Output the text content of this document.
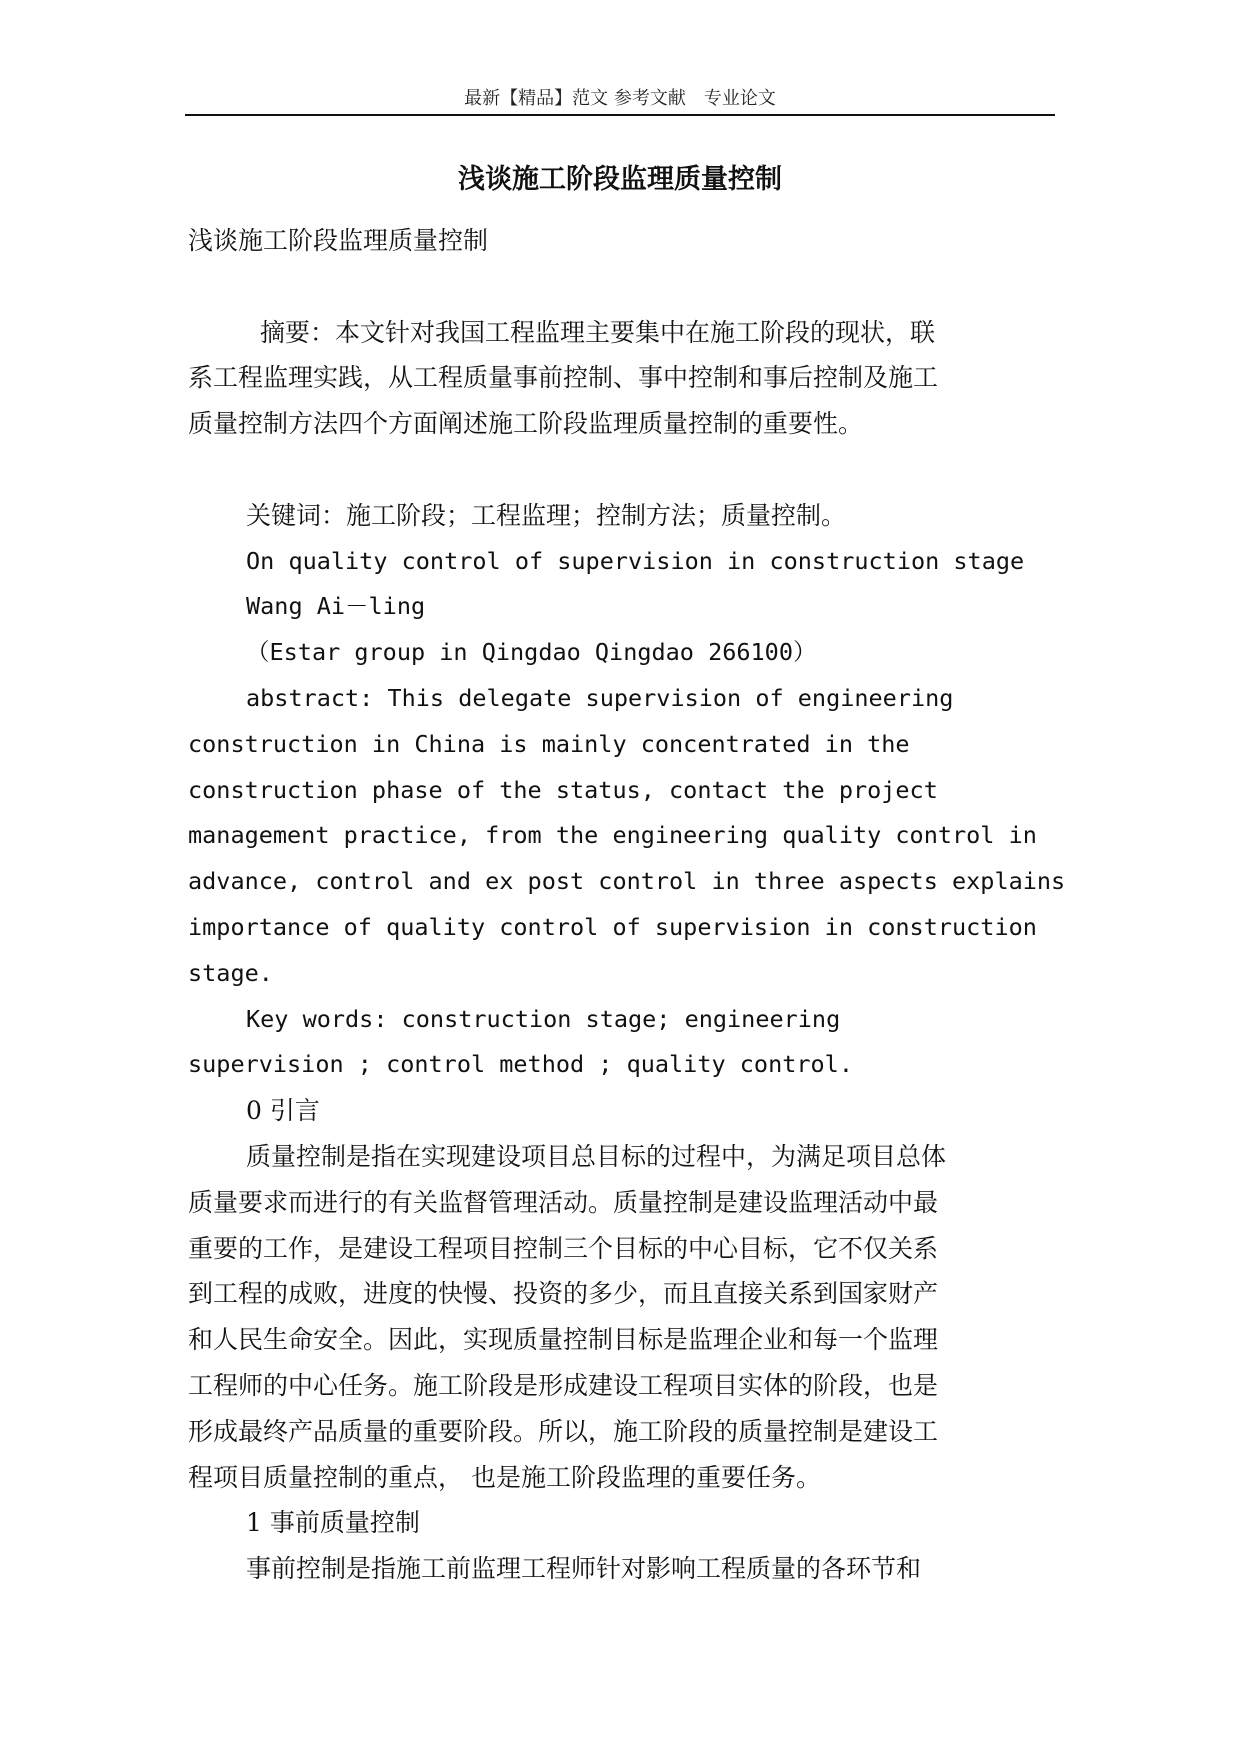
最新【精品】范文 参考文献　专业论文
浅谈施工阶段监理质量控制
浅谈施工阶段监理质量控制
摘要：本文针对我国工程监理主要集中在施工阶段的现状，联
系工程监理实践，从工程质量事前控制、事中控制和事后控制及施工
质量控制方法四个方面阐述施工阶段监理质量控制的重要性。
关键词：施工阶段；工程监理；控制方法；质量控制。
On quality control of supervision in construction stage
Wang Ai－ling
（Estar group in Qingdao Qingdao 266100）
abstract: This delegate supervision of engineering
construction in China is mainly concentrated in the
construction phase of the status, contact the project
management practice, from the engineering quality control in
advance, control and ex post control in three aspects explains
importance of quality control of supervision in construction
stage.
Key words: construction stage; engineering
supervision ; control method ; quality control.
0 引言
质量控制是指在实现建设项目总目标的过程中，为满足项目总体
质量要求而进行的有关监督管理活动。质量控制是建设监理活动中最
重要的工作，是建设工程项目控制三个目标的中心目标，它不仅关系
到工程的成败，进度的快慢、投资的多少，而且直接关系到国家财产
和人民生命安全。因此，实现质量控制目标是监理企业和每一个监理
工程师的中心任务。施工阶段是形成建设工程项目实体的阶段，也是
形成最终产品质量的重要阶段。所以，施工阶段的质量控制是建设工
程项目质量控制的重点， 也是施工阶段监理的重要任务。
1 事前质量控制
事前控制是指施工前监理工程师针对影响工程质量的各环节和
